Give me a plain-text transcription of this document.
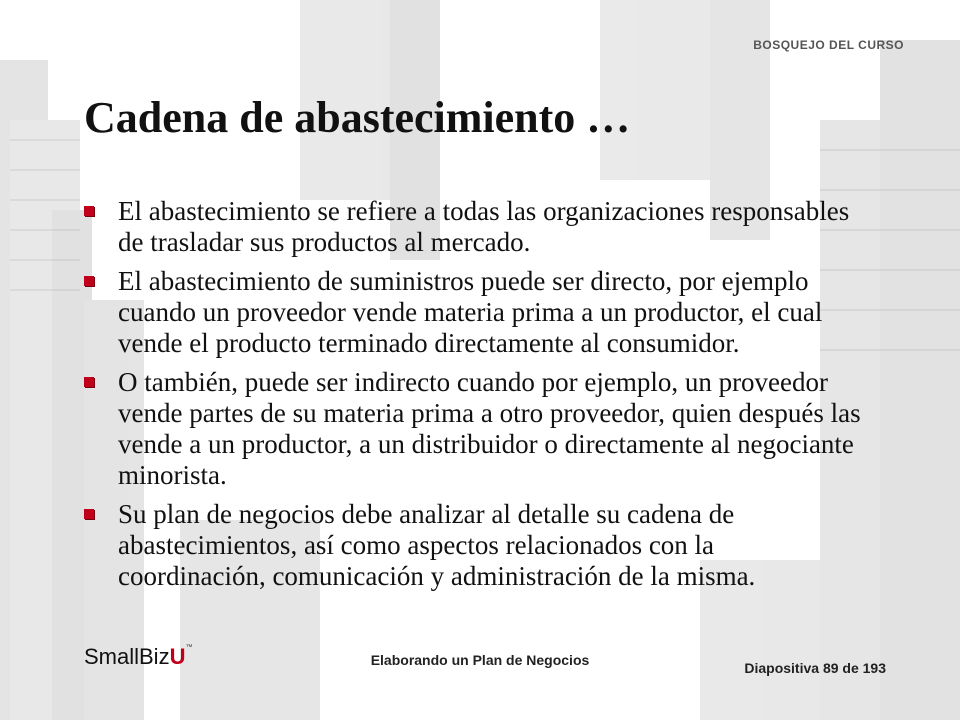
BOSQUEJO DEL CURSO
Cadena de abastecimiento …
El abastecimiento se refiere a todas las organizaciones responsables de trasladar sus productos al mercado.
El abastecimiento de suministros puede ser directo, por ejemplo cuando un proveedor vende materia prima a un productor, el cual vende el producto terminado directamente al consumidor.
O también, puede ser indirecto cuando por ejemplo, un proveedor vende partes de su materia prima a otro proveedor, quien después las vende a un productor, a un distribuidor o directamente al negociante minorista.
Su plan de negocios debe analizar al detalle su cadena de abastecimientos, así como aspectos relacionados con la coordinación, comunicación y administración de la misma.
SmallBizU™
Elaborando un Plan de Negocios	Diapositiva 89 de 193
